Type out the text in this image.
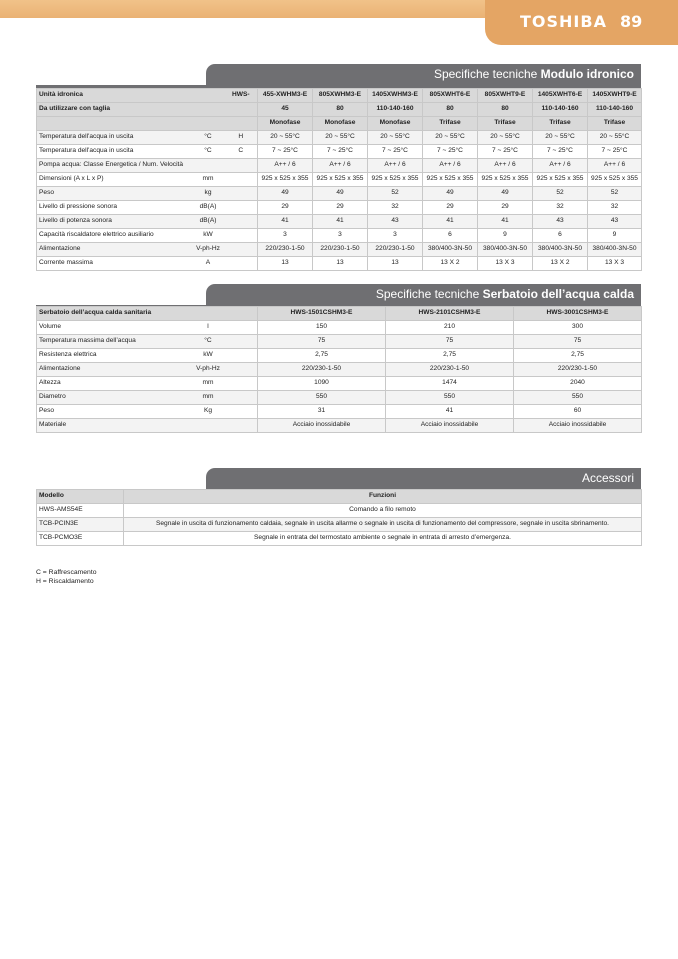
TOSHIBA 89
Specifiche tecniche Modulo idronico
Unità idronica		HWS-	455-XWHM3-E	805XWHM3-E	1405XWHM3-E	805XWHT6-E	805XWHT9-E	1405XWHT6-E	1405XWHT9-E
Da utilizzare con taglia			45	80	110-140-160	80	80	110-140-160	110-140-160
			Monofase	Monofase	Monofase	Trifase	Trifase	Trifase	Trifase
Temperatura dell'acqua in uscita	°C	H	20 ~ 55°C	20 ~ 55°C	20 ~ 55°C	20 ~ 55°C	20 ~ 55°C	20 ~ 55°C	20 ~ 55°C
Temperatura dell'acqua in uscita	°C	C	7 ~ 25°C	7 ~ 25°C	7 ~ 25°C	7 ~ 25°C	7 ~ 25°C	7 ~ 25°C	7 ~ 25°C
Pompa acqua: Classe Energetica / Num. Velocità			A++ / 6	A++ / 6	A++ / 6	A++ / 6	A++ / 6	A++ / 6	A++ / 6
Dimensioni (A x L x P)	mm		925 x 525 x 355	925 x 525 x 355	925 x 525 x 355	925 x 525 x 355	925 x 525 x 355	925 x 525 x 355	925 x 525 x 355
Peso	kg		49	49	52	49	49	52	52
Livello di pressione sonora	dB(A)		29	29	32	29	29	32	32
Livello di potenza sonora	dB(A)		41	41	43	41	41	43	43
Capacità riscaldatore elettrico ausiliario	kW		3	3	3	6	9	6	9
Alimentazione	V-ph-Hz		220/230-1-50	220/230-1-50	220/230-1-50	380/400-3N-50	380/400-3N-50	380/400-3N-50	380/400-3N-50
Corrente massima	A		13	13	13	13 X 2	13 X 3	13 X 2	13 X 3
Specifiche tecniche Serbatoio dell’acqua calda
Serbatoio dell’acqua calda sanitaria			HWS-1501CSHM3-E	HWS-2101CSHM3-E	HWS-3001CSHM3-E
Volume	l		150	210	300
Temperatura massima dell’acqua	°C		75	75	75
Resistenza elettrica	kW		2,75	2,75	2,75
Alimentazione	V-ph-Hz		220/230-1-50	220/230-1-50	220/230-1-50
Altezza	mm		1090	1474	2040
Diametro	mm		550	550	550
Peso	Kg		31	41	60
Materiale			Acciaio inossidabile	Acciaio inossidabile	Acciaio inossidabile
Accessori
Modello	Funzioni
HWS-AMS54E	Comando a filo remoto
TCB-PCIN3E	Segnale in uscita di funzionamento caldaia, segnale in uscita allarme o segnale in uscita di funzionamento del compressore, segnale in uscita sbrinamento.
TCB-PCMO3E	Segnale in entrata del termostato ambiente o segnale in entrata di arresto d’emergenza.
C = Raffrescamento
H = Riscaldamento
